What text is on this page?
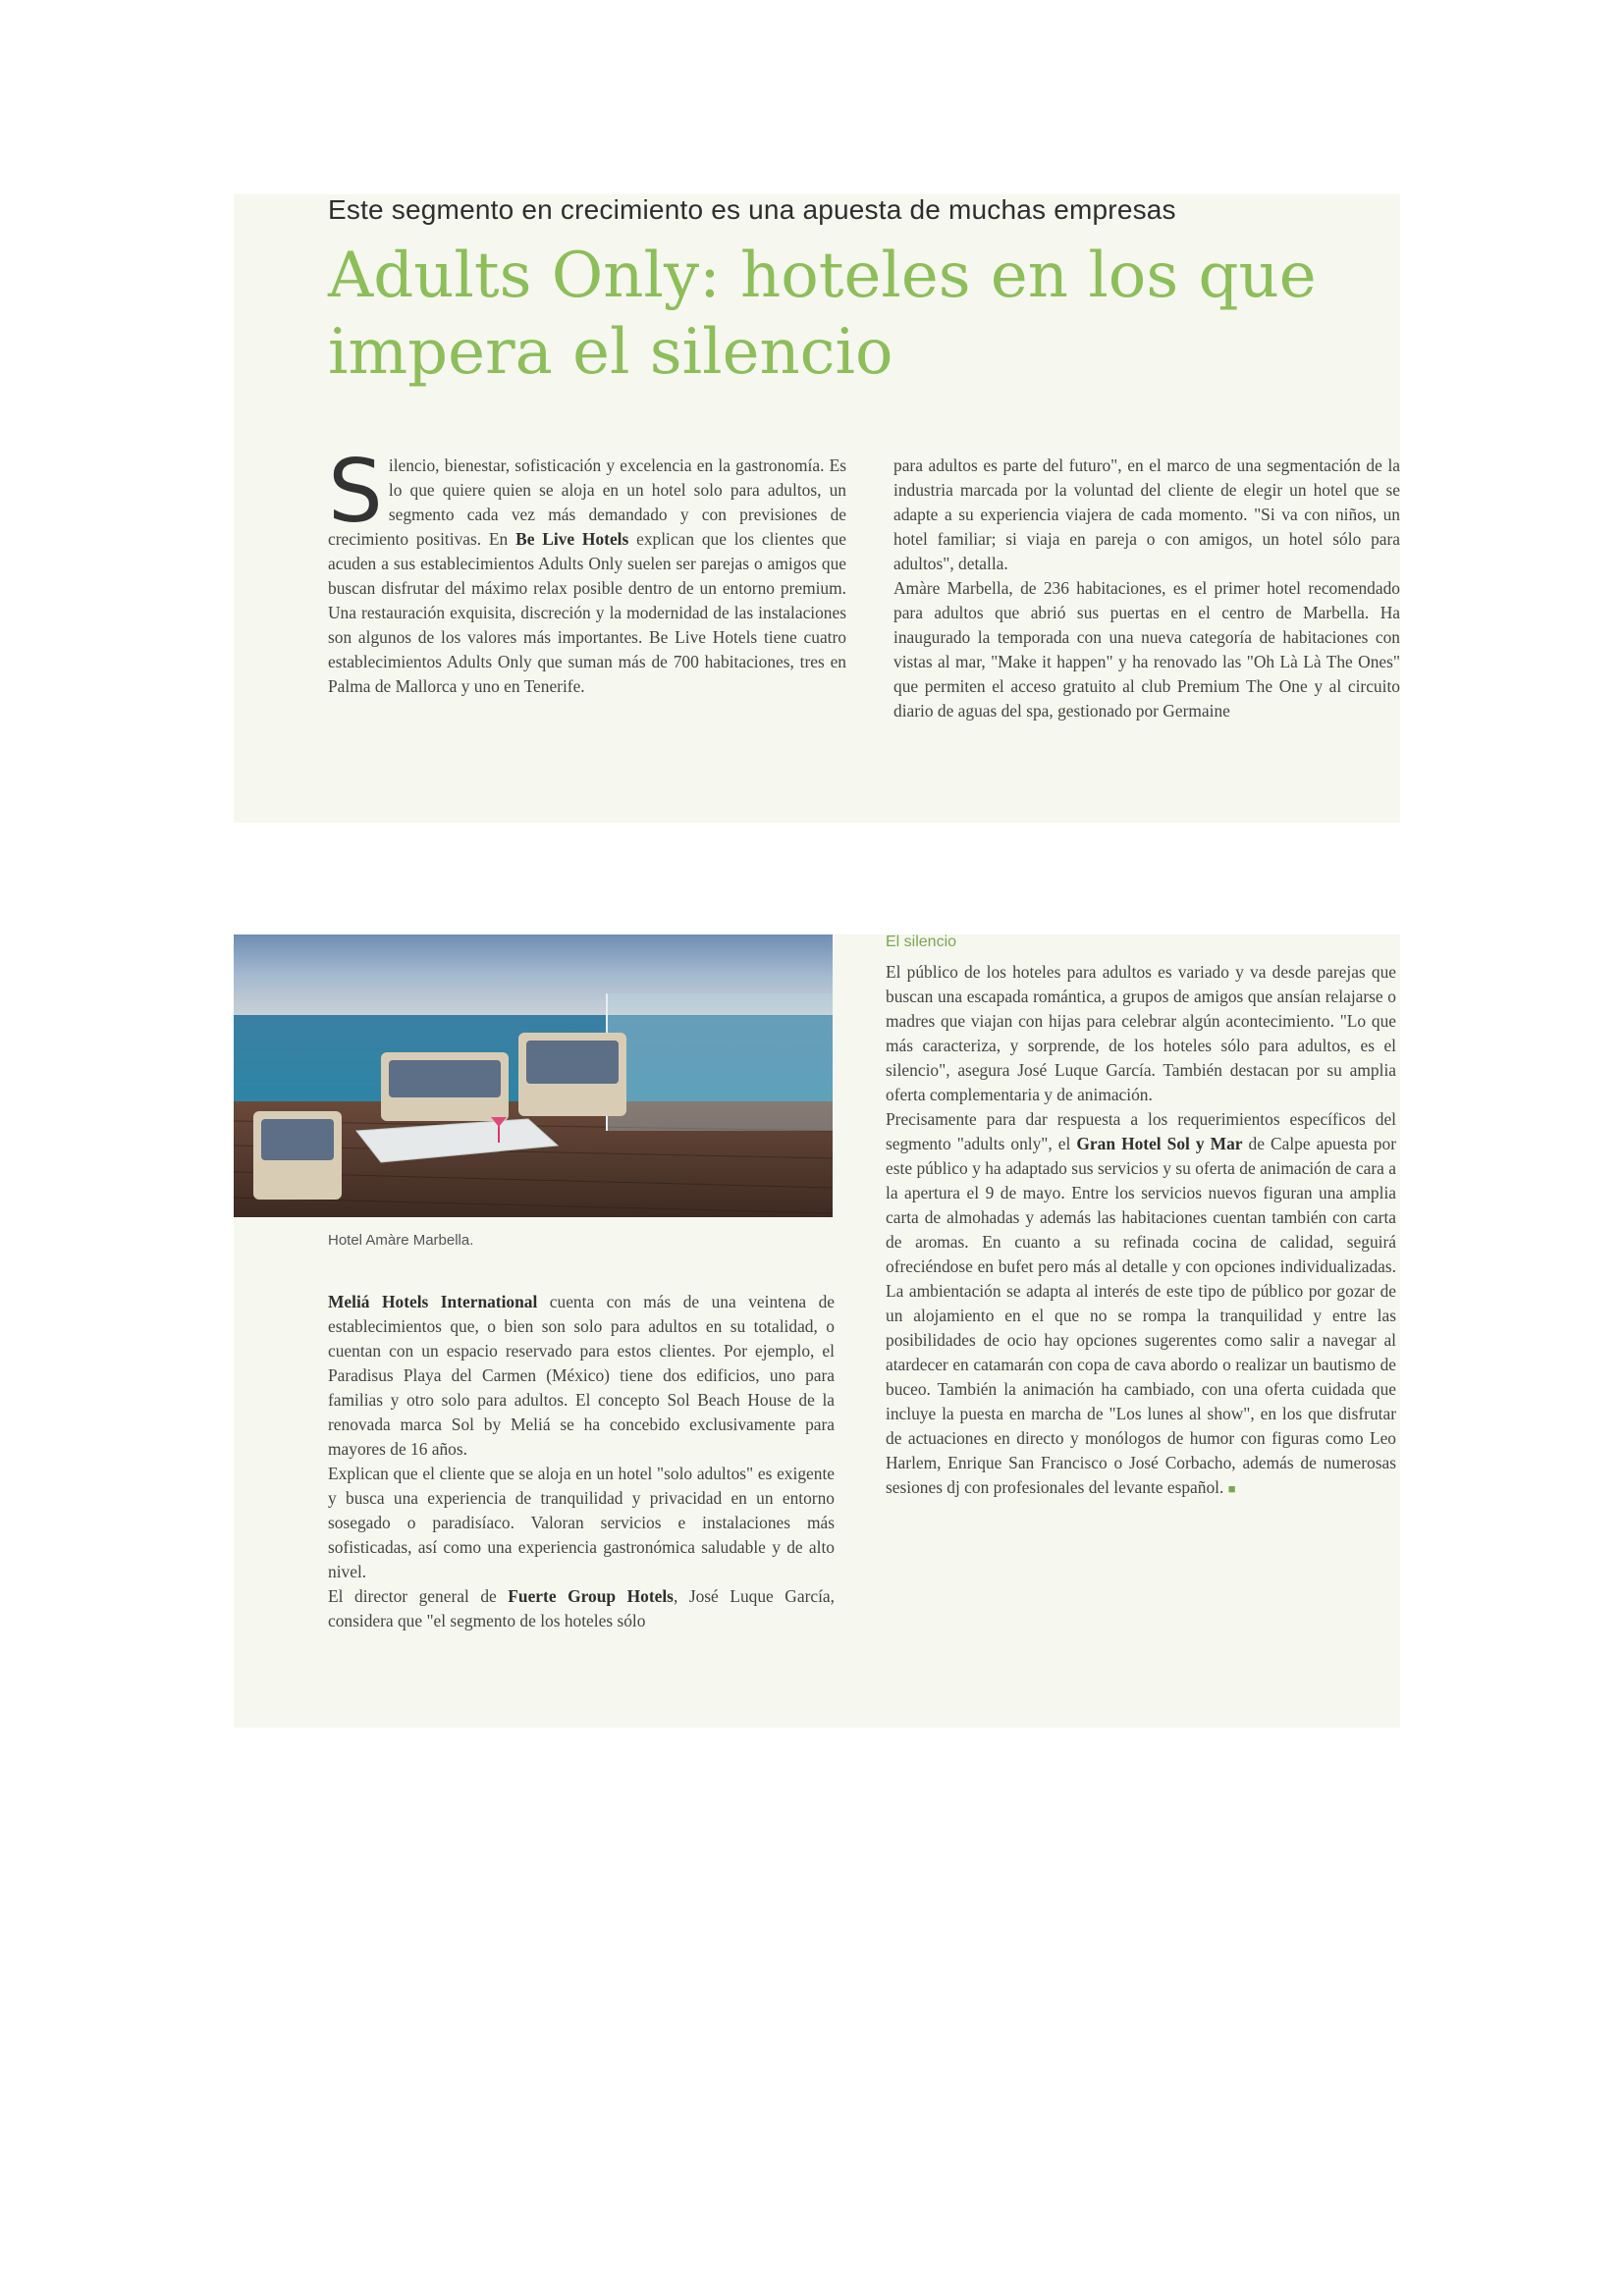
Este segmento en crecimiento es una apuesta de muchas empresas
Adults Only: hoteles en los que impera el silencio

Silencio, bienestar, sofisticación y excelencia en la gastronomía. Es lo que quiere quien se aloja en un hotel solo para adultos, un segmento cada vez más demandado y con previsiones de crecimiento positivas. En Be Live Hotels explican que los clientes que acuden a sus establecimientos Adults Only suelen ser parejas o amigos que buscan disfrutar del máximo relax posible dentro de un entorno premium. Una restauración exquisita, discreción y la modernidad de las instalaciones son algunos de los valores más importantes. Be Live Hotels tiene cuatro establecimientos Adults Only que suman más de 700 habitaciones, tres en Palma de Mallorca y uno en Tenerife.

para adultos es parte del futuro", en el marco de una segmentación de la industria marcada por la voluntad del cliente de elegir un hotel que se adapte a su experiencia viajera de cada momento. "Si va con niños, un hotel familiar; si viaja en pareja o con amigos, un hotel sólo para adultos", detalla.

Amàre Marbella, de 236 habitaciones, es el primer hotel recomendado para adultos que abrió sus puertas en el centro de Marbella. Ha inaugurado la temporada con una nueva categoría de habitaciones con vistas al mar, "Make it happen" y ha renovado las "Oh Là Là The Ones" que permiten el acceso gratuito al club Premium The One y al circuito diario de aguas del spa, gestionado por Germaine

Hotel Amàre Marbella.

Meliá Hotels International cuenta con más de una veintena de establecimientos que, o bien son solo para adultos en su totalidad, o cuentan con un espacio reservado para estos clientes. Por ejemplo, el Paradisus Playa del Carmen (México) tiene dos edificios, uno para familias y otro solo para adultos. El concepto Sol Beach House de la renovada marca Sol by Meliá se ha concebido exclusivamente para mayores de 16 años.

Explican que el cliente que se aloja en un hotel "solo adultos" es exigente y busca una experiencia de tranquilidad y privacidad en un entorno sosegado o paradisíaco. Valoran servicios e instalaciones más sofisticadas, así como una experiencia gastronómica saludable y de alto nivel.

El director general de Fuerte Group Hotels, José Luque García, considera que "el segmento de los hoteles sólo

El silencio

El público de los hoteles para adultos es variado y va desde parejas que buscan una escapada romántica, a grupos de amigos que ansían relajarse o madres que viajan con hijas para celebrar algún acontecimiento. "Lo que más caracteriza, y sorprende, de los hoteles sólo para adultos, es el silencio", asegura José Luque García. También destacan por su amplia oferta complementaria y de animación.

Precisamente para dar respuesta a los requerimientos específicos del segmento "adults only", el Gran Hotel Sol y Mar de Calpe apuesta por este público y ha adaptado sus servicios y su oferta de animación de cara a la apertura el 9 de mayo. Entre los servicios nuevos figuran una amplia carta de almohadas y además las habitaciones cuentan también con carta de aromas. En cuanto a su refinada cocina de calidad, seguirá ofreciéndose en bufet pero más al detalle y con opciones individualizadas. La ambientación se adapta al interés de este tipo de público por gozar de un alojamiento en el que no se rompa la tranquilidad y entre las posibilidades de ocio hay opciones sugerentes como salir a navegar al atardecer en catamarán con copa de cava abordo o realizar un bautismo de buceo. También la animación ha cambiado, con una oferta cuidada que incluye la puesta en marcha de "Los lunes al show", en los que disfrutar de actuaciones en directo y monólogos de humor con figuras como Leo Harlem, Enrique San Francisco o José Corbacho, además de numerosas sesiones dj con profesionales del levante español. ■
